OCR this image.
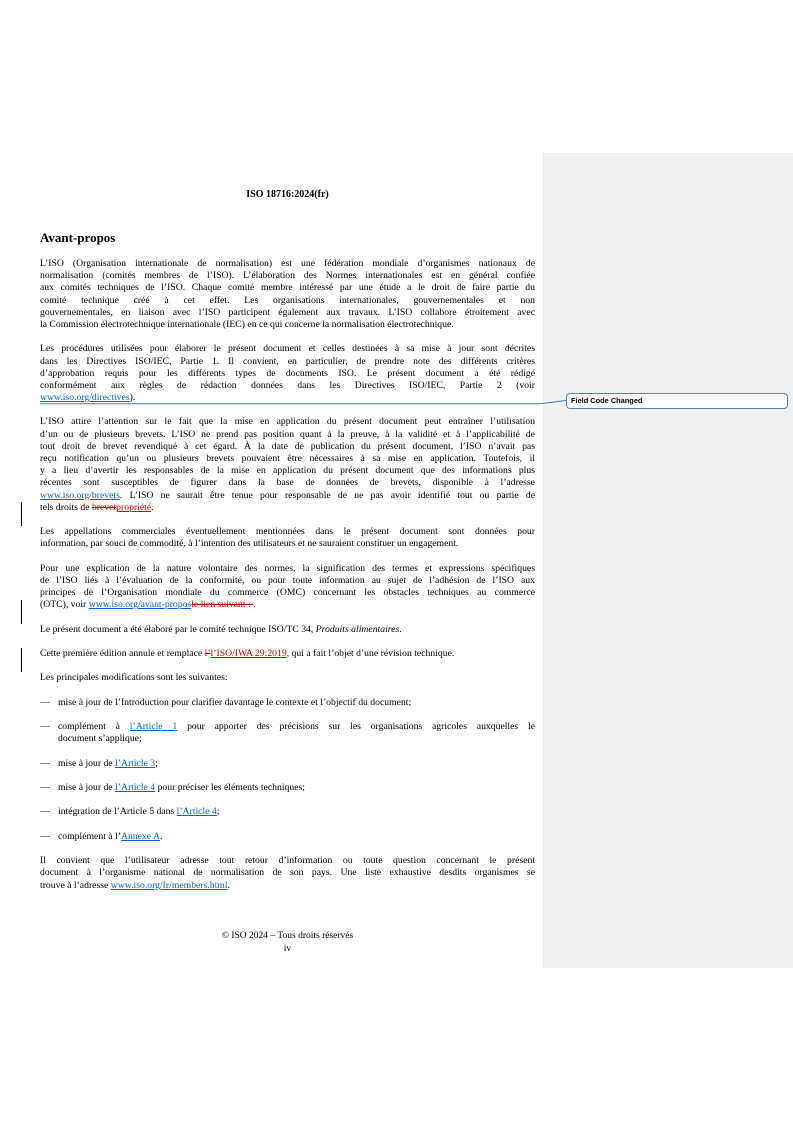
ISO 18716:2024(fr)
Avant-propos
L’ISO (Organisation internationale de normalisation) est une fédération mondiale d’organismes nationaux de
normalisation (comités membres de l’ISO). L’élaboration des Normes internationales est en général confiée
aux comités techniques de l’ISO. Chaque comité membre intéressé par une étude a le droit de faire partie du
comité technique créé à cet effet. Les organisations internationales, gouvernementales et non
gouvernementales, en liaison avec l’ISO participent également aux travaux. L’ISO collabore étroitement avec
la Commission électrotechnique internationale (IEC) en ce qui concerne la normalisation électrotechnique.
Les procédures utilisées pour élaborer le présent document et celles destinées à sa mise à jour sont décrites
dans les Directives ISO/IEC, Partie 1. Il convient, en particulier, de prendre note des différents critères
d’approbation requis pour les différents types de documents ISO. Le présent document a été rédigé
conformément aux règles de rédaction données dans les Directives ISO/IEC, Partie 2 (voir
www.iso.org/directives).
L’ISO attire l’attention sur le fait que la mise en application du présent document peut entraîner l’utilisation
d’un ou de plusieurs brevets. L’ISO ne prend pas position quant à la preuve, à la validité et à l’applicabilité de
tout droit de brevet revendiqué à cet égard. À la date de publication du présent document, l’ISO n’avait pas
reçu notification qu’un ou plusieurs brevets pouvaient être nécessaires à sa mise en application. Toutefois, il
y a lieu d’avertir les responsables de la mise en application du présent document que des informations plus
récentes sont susceptibles de figurer dans la base de données de brevets, disponible à l’adresse
www.iso.org/brevets. L’ISO ne saurait être tenue pour responsable de ne pas avoir identifié tout ou partie de
tels droits de brevetpropriété.
Les appellations commerciales éventuellement mentionnées dans le présent document sont données pour
information, par souci de commodité, à l’intention des utilisateurs et ne sauraient constituer un engagement.
Pour une explication de la nature volontaire des normes, la signification des termes et expressions spécifiques
de l’ISO liés à l’évaluation de la conformité, ou pour toute information au sujet de l’adhésion de l’ISO aux
principes de l’Organisation mondiale du commerce (OMC) concernant les obstacles techniques au commerce
(OTC), voir www.iso.org/avant-proposle lien suivant : .
Le présent document a été élaboré par le comité technique ISO/TC 34, Produits alimentaires.
Cette première édition annule et remplace l’l’ISO/IWA 29:2019, qui a fait l’objet d’une révision technique.
Les principales modifications sont les suivantes:
— mise à jour de l’Introduction pour clarifier davantage le contexte et l’objectif du document;
— complément à l’Article 1 pour apporter des précisions sur les organisations agricoles auxquelles le
document s’applique;
— mise à jour de l’Article 3;
— mise à jour de l’Article 4 pour préciser les éléments techniques;
— intégration de l’Article 5 dans l’Article 4;
— complément à l’Annexe A.
Il convient que l’utilisateur adresse tout retour d’information ou toute question concernant le présent
document à l’organisme national de normalisation de son pays. Une liste exhaustive desdits organismes se
trouve à l’adresse www.iso.org/fr/members.html.
Field Code Changed
© ISO 2024 – Tous droits réservés
iv
